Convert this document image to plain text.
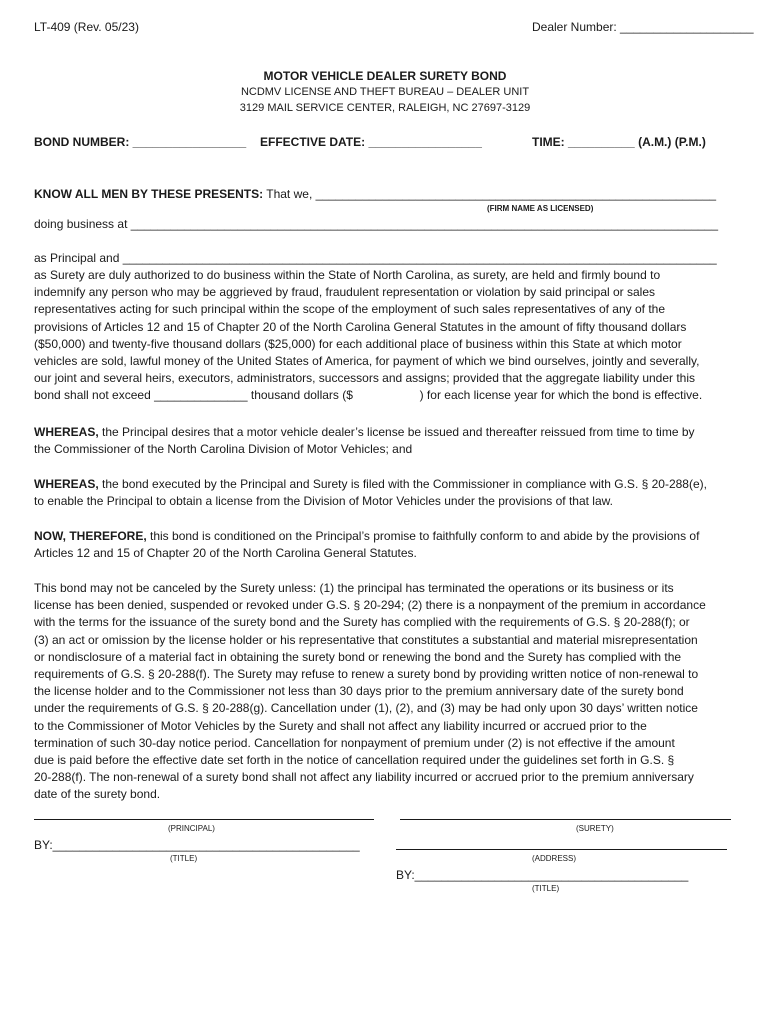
LT-409 (Rev. 05/23)	Dealer Number: ____________________
MOTOR VEHICLE DEALER SURETY BOND
NCDMV LICENSE AND THEFT BUREAU – DEALER UNIT
3129 MAIL SERVICE CENTER, RALEIGH, NC 27697-3129
BOND NUMBER: _________________ EFFECTIVE DATE: _________________	TIME: __________ (A.M.) (P.M.)
KNOW ALL MEN BY THESE PRESENTS: That we, ____________________________________________________________
(FIRM NAME AS LICENSED)
doing business at ________________________________________________________________________________________
as Principal and _________________________________________________________________________________________
as Surety are duly authorized to do business within the State of North Carolina, as surety, are held and firmly bound to
indemnify any person who may be aggrieved by fraud, fraudulent representation or violation by said principal or sales
representatives acting for such principal within the scope of the employment of such sales representatives of any of the
provisions of Articles 12 and 15 of Chapter 20 of the North Carolina General Statutes in the amount of fifty thousand dollars
($50,000) and twenty-five thousand dollars ($25,000) for each additional place of business within this State at which motor
vehicles are sold, lawful money of the United States of America, for payment of which we bind ourselves, jointly and severally,
our joint and several heirs, executors, administrators, successors and assigns; provided that the aggregate liability under this
bond shall not exceed ______________ thousand dollars ($                    ) for each license year for which the bond is effective.
WHEREAS, the Principal desires that a motor vehicle dealer’s license be issued and thereafter reissued from time to time by
the Commissioner of the North Carolina Division of Motor Vehicles; and
WHEREAS, the bond executed by the Principal and Surety is filed with the Commissioner in compliance with G.S. § 20-288(e),
to enable the Principal to obtain a license from the Division of Motor Vehicles under the provisions of that law.
NOW, THEREFORE, this bond is conditioned on the Principal’s promise to faithfully conform to and abide by the provisions of
Articles 12 and 15 of Chapter 20 of the North Carolina General Statutes.
This bond may not be canceled by the Surety unless: (1) the principal has terminated the operations or its business or its
license has been denied, suspended or revoked under G.S. § 20-294; (2) there is a nonpayment of the premium in accordance
with the terms for the issuance of the surety bond and the Surety has complied with the requirements of G.S. § 20-288(f); or
(3) an act or omission by the license holder or his representative that constitutes a substantial and material misrepresentation
or nondisclosure of a material fact in obtaining the surety bond or renewing the bond and the Surety has complied with the
requirements of G.S. § 20-288(f). The Surety may refuse to renew a surety bond by providing written notice of non-renewal to
the license holder and to the Commissioner not less than 30 days prior to the premium anniversary date of the surety bond
under the requirements of G.S. § 20-288(g). Cancellation under (1), (2), and (3) may be had only upon 30 days’ written notice
to the Commissioner of Motor Vehicles by the Surety and shall not affect any liability incurred or accrued prior to the
termination of such 30-day notice period. Cancellation for nonpayment of premium under (2) is not effective if the amount
due is paid before the effective date set forth in the notice of cancellation required under the guidelines set forth in G.S. §
20-288(f). The non-renewal of a surety bond shall not affect any liability incurred or accrued prior to the premium anniversary
date of the surety bond.
(PRINCIPAL)	(SURETY)
BY:______________________________________________
(TITLE)	(ADDRESS)
BY:_________________________________________
(TITLE)
